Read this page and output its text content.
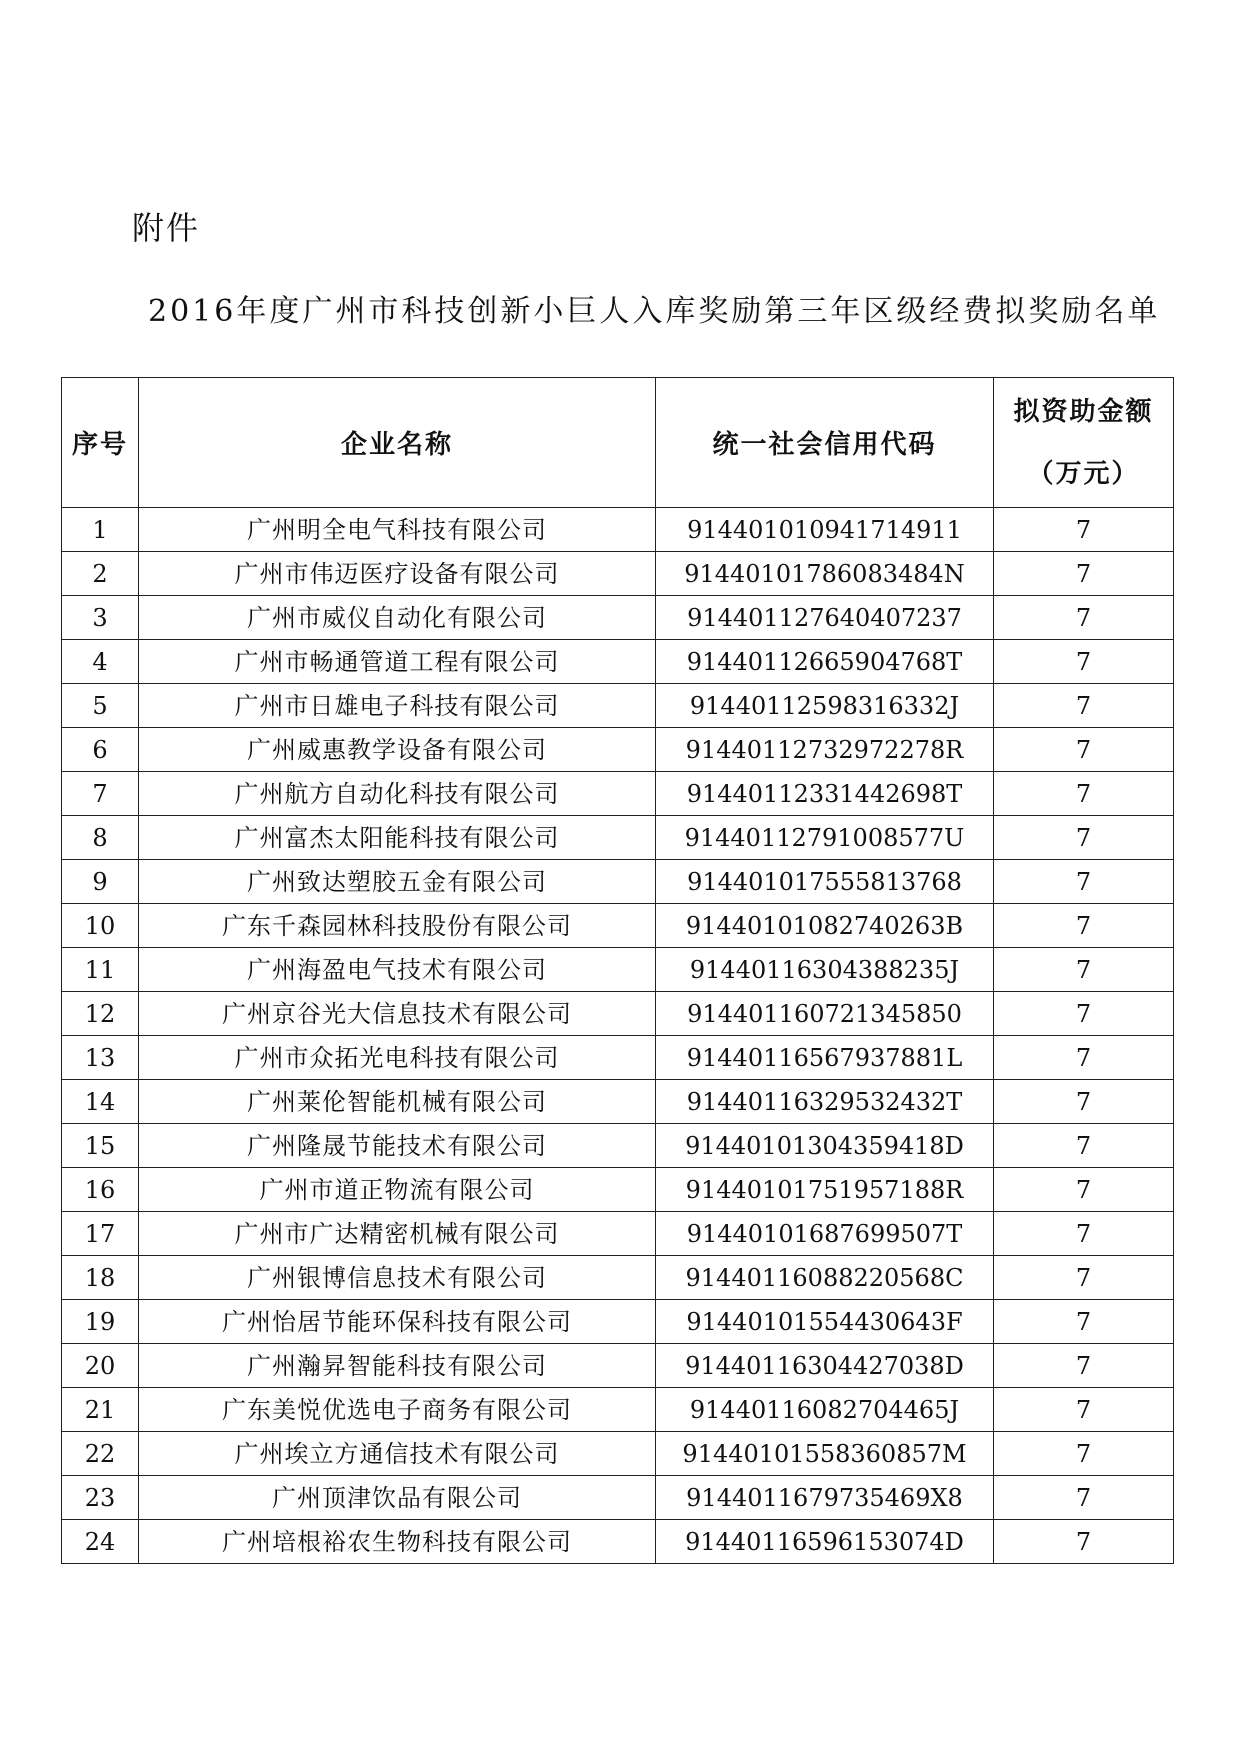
附件
2016年度广州市科技创新小巨人入库奖励第三年区级经费拟奖励名单
序号	企业名称	统一社会信用代码	拟资助金额
（万元）

1	广州明全电气科技有限公司	914401010941714911	7
2	广州市伟迈医疗设备有限公司	91440101786083484N	7
3	广州市威仪自动化有限公司	914401127640407237	7
4	广州市畅通管道工程有限公司	91440112665904768T	7
5	广州市日雄电子科技有限公司	91440112598316332J	7
6	广州威惠教学设备有限公司	91440112732972278R	7
7	广州航方自动化科技有限公司	91440112331442698T	7
8	广州富杰太阳能科技有限公司	91440112791008577U	7
9	广州致达塑胶五金有限公司	914401017555813768	7
10	广东千森园林科技股份有限公司	91440101082740263B	7
11	广州海盈电气技术有限公司	91440116304388235J	7
12	广州京谷光大信息技术有限公司	914401160721345850	7
13	广州市众拓光电科技有限公司	91440116567937881L	7
14	广州莱伦智能机械有限公司	91440116329532432T	7
15	广州隆晟节能技术有限公司	91440101304359418D	7
16	广州市道正物流有限公司	91440101751957188R	7
17	广州市广达精密机械有限公司	91440101687699507T	7
18	广州银博信息技术有限公司	91440116088220568C	7
19	广州怡居节能环保科技有限公司	91440101554430643F	7
20	广州瀚昇智能科技有限公司	91440116304427038D	7
21	广东美悦优选电子商务有限公司	91440116082704465J	7
22	广州埃立方通信技术有限公司	91440101558360857M	7
23	广州顶津饮品有限公司	91440116797354​69X8	7
24	广州培根裕农生物科技有限公司	91440116596153074D	7
